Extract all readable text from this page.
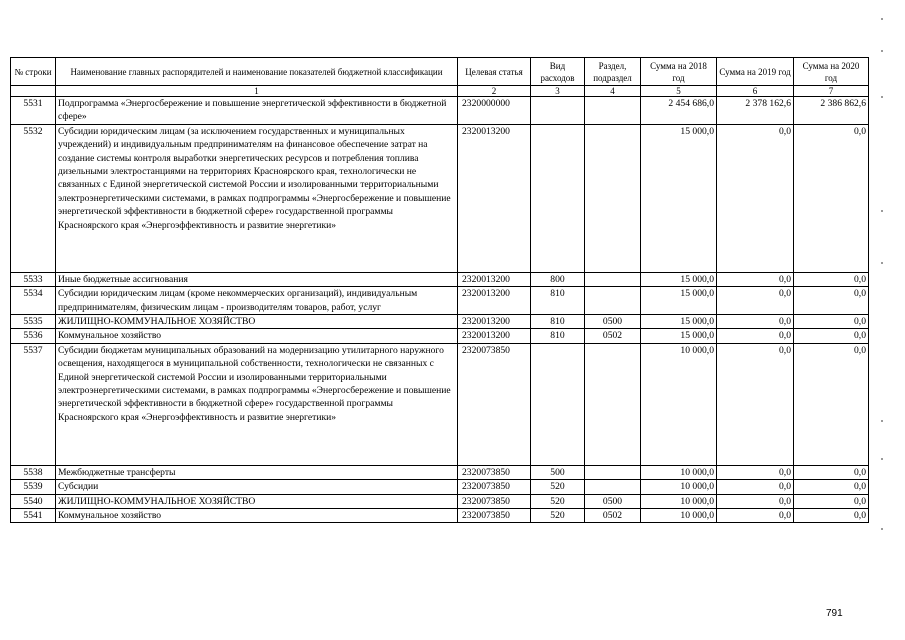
№ строки	Наименование главных распорядителей и наименование показателей бюджетной классификации	Целевая статья	Вид расходов	Раздел, подраздел	Сумма на 2018 год	Сумма на 2019 год	Сумма на 2020 год
	1	2	3	4	5	6	7
5531	Подпрограмма «Энергосбережение и повышение энергетической эффективности в бюджетной сфере»	2320000000			2 454 686,0	2 378 162,6	2 386 862,6
5532	Субсидии юридическим лицам (за исключением государственных и муниципальных учреждений) и индивидуальным предпринимателям на финансовое обеспечение затрат на создание системы контроля выработки энергетических ресурсов и потребления топлива дизельными электростанциями на территориях Красноярского края, технологически не связанных с Единой энергетической системой России и изолированными территориальными электроэнергетическими системами, в рамках подпрограммы «Энергосбережение и повышение энергетической эффективности в бюджетной сфере» государственной программы Красноярского края «Энергоэффективность и развитие энергетики»	2320013200			15 000,0	0,0	0,0
5533	Иные бюджетные ассигнования	2320013200	800		15 000,0	0,0	0,0
5534	Субсидии юридическим лицам (кроме некоммерческих организаций), индивидуальным предпринимателям, физическим лицам - производителям товаров, работ, услуг	2320013200	810		15 000,0	0,0	0,0
5535	ЖИЛИЩНО-КОММУНАЛЬНОЕ ХОЗЯЙСТВО	2320013200	810	0500	15 000,0	0,0	0,0
5536	Коммунальное хозяйство	2320013200	810	0502	15 000,0	0,0	0,0
5537	Субсидии бюджетам муниципальных образований на модернизацию утилитарного наружного освещения, находящегося в муниципальной собственности, технологически не связанных с Единой энергетической системой России и изолированными территориальными электроэнергетическими системами, в рамках подпрограммы «Энергосбережение и повышение энергетической эффективности в бюджетной сфере» государственной программы Красноярского края «Энергоэффективность и развитие энергетики»	2320073850			10 000,0	0,0	0,0
5538	Межбюджетные трансферты	2320073850	500		10 000,0	0,0	0,0
5539	Субсидии	2320073850	520		10 000,0	0,0	0,0
5540	ЖИЛИЩНО-КОММУНАЛЬНОЕ ХОЗЯЙСТВО	2320073850	520	0500	10 000,0	0,0	0,0
5541	Коммунальное хозяйство	2320073850	520	0502	10 000,0	0,0	0,0
791
